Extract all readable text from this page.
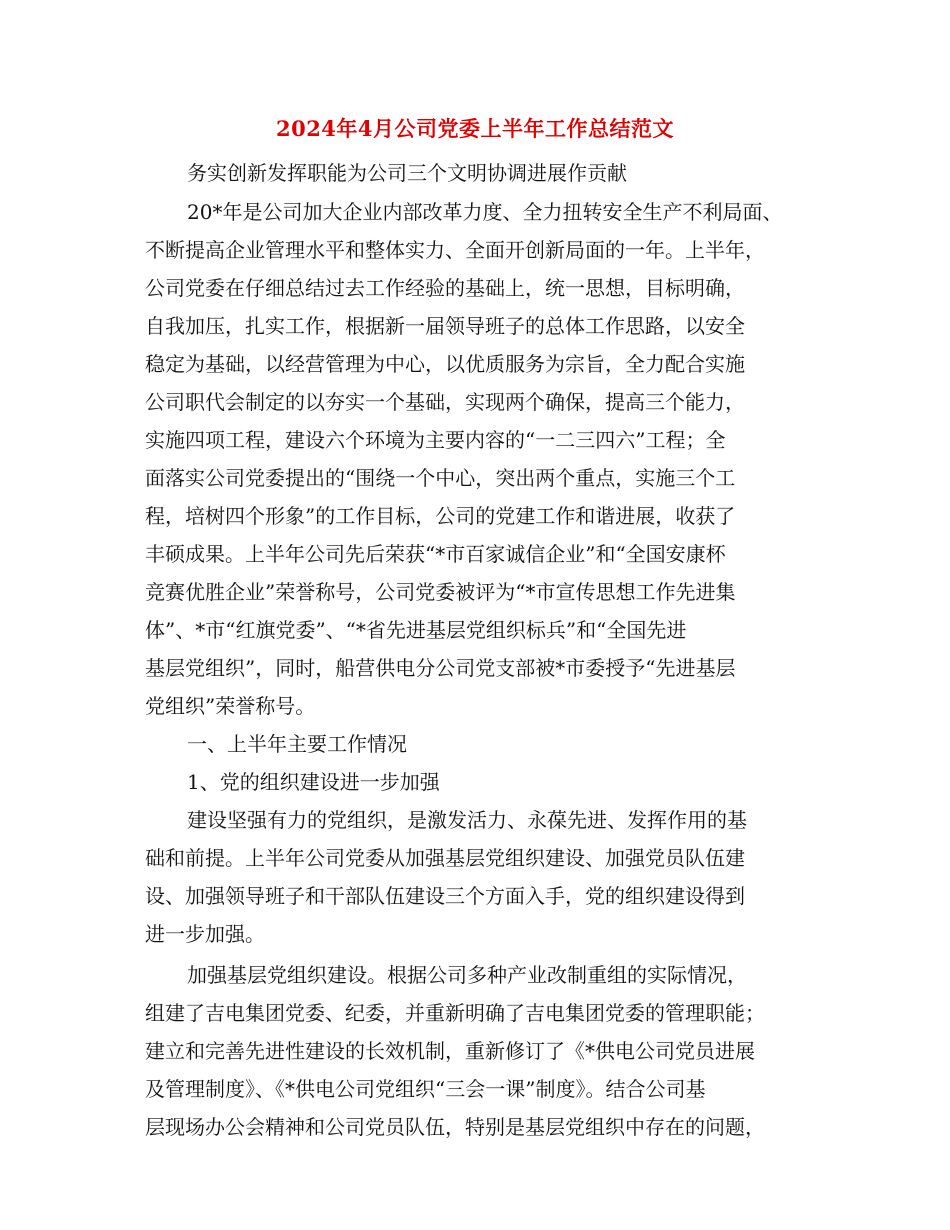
2024年4月公司党委上半年工作总结范文
务实创新发挥职能为公司三个文明协调进展作贡献
20*年是公司加大企业内部改革力度、全力扭转安全生产不利局面、
不断提高企业管理水平和整体实力、全面开创新局面的一年。上半年，
公司党委在仔细总结过去工作经验的基础上，统一思想，目标明确，
自我加压，扎实工作，根据新一届领导班子的总体工作思路，以安全
稳定为基础，以经营管理为中心，以优质服务为宗旨，全力配合实施
公司职代会制定的以夯实一个基础，实现两个确保，提高三个能力，
实施四项工程，建设六个环境为主要内容的“一二三四六”工程；全
面落实公司党委提出的“围绕一个中心，突出两个重点，实施三个工
程，培树四个形象”的工作目标，公司的党建工作和谐进展，收获了
丰硕成果。上半年公司先后荣获“*市百家诚信企业”和“全国安康杯
竞赛优胜企业”荣誉称号，公司党委被评为“*市宣传思想工作先进集
体”、*市“红旗党委”、“*省先进基层党组织标兵”和“全国先进
基层党组织”，同时，船营供电分公司党支部被*市委授予“先进基层
党组织”荣誉称号。
一、上半年主要工作情况
1、党的组织建设进一步加强
建设坚强有力的党组织，是激发活力、永葆先进、发挥作用的基
础和前提。上半年公司党委从加强基层党组织建设、加强党员队伍建
设、加强领导班子和干部队伍建设三个方面入手，党的组织建设得到
进一步加强。
加强基层党组织建设。根据公司多种产业改制重组的实际情况，
组建了吉电集团党委、纪委，并重新明确了吉电集团党委的管理职能；
建立和完善先进性建设的长效机制，重新修订了《*供电公司党员进展
及管理制度》、《*供电公司党组织“三会一课”制度》。结合公司基
层现场办公会精神和公司党员队伍，特别是基层党组织中存在的问题，
